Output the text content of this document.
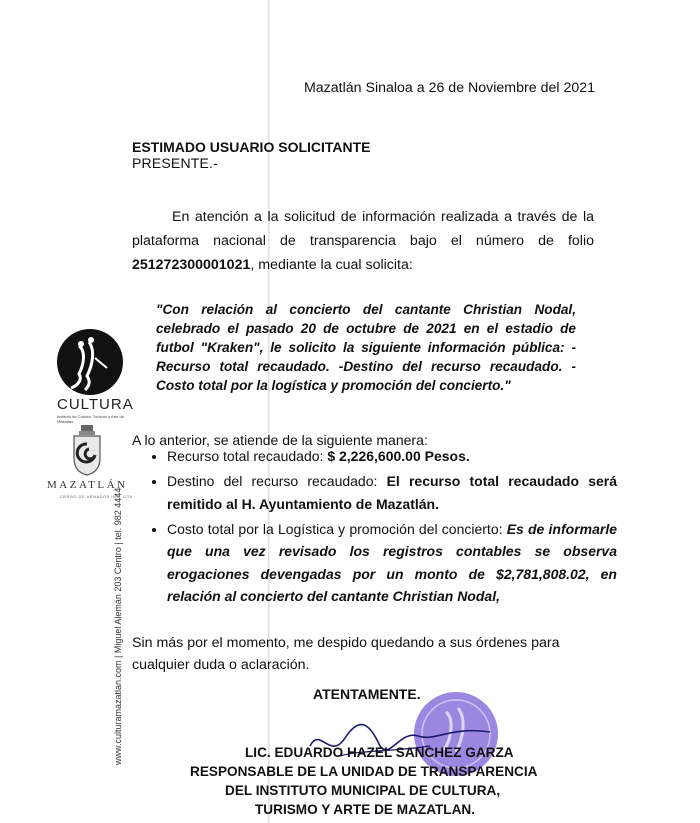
CULTURA
Instituto de Cultura, Turismo y Arte de Mazatlán
MAZATLÁN
CERRO DE VENADOS ING. GTA
www.culturamazatlan.com | Miguel Alemán 203 Centro | tel. 982 4444
Mazatlán Sinaloa a 26 de Noviembre del 2021
ESTIMADO USUARIO SOLICITANTE
PRESENTE.-
En atención a la solicitud de información realizada a través de la plataforma nacional de transparencia bajo el número de folio 251272300001021, mediante la cual solicita:
"Con relación al concierto del cantante Christian Nodal, celebrado el pasado 20 de octubre de 2021 en el estadio de futbol "Kraken", le solicito la siguiente información pública: -Recurso total recaudado. -Destino del recurso recaudado. -Costo total por la logística y promoción del concierto."
A lo anterior, se atiende de la siguiente manera:
• Recurso total recaudado: $ 2,226,600.00 Pesos.
• Destino del recurso recaudado: El recurso total recaudado será remitido al H. Ayuntamiento de Mazatlán.
• Costo total por la Logística y promoción del concierto: Es de informarle que una vez revisado los registros contables se observa erogaciones devengadas por un monto de $2,781,808.02, en relación al concierto del cantante Christian Nodal,
Sin más por el momento, me despido quedando a sus órdenes para cualquier duda o aclaración.
ATENTAMENTE.
LIC. EDUARDO HAZEL SANCHEZ GARZA
RESPONSABLE DE LA UNIDAD DE TRANSPARENCIA
DEL INSTITUTO MUNICIPAL DE CULTURA,
TURISMO Y ARTE DE MAZATLAN.
